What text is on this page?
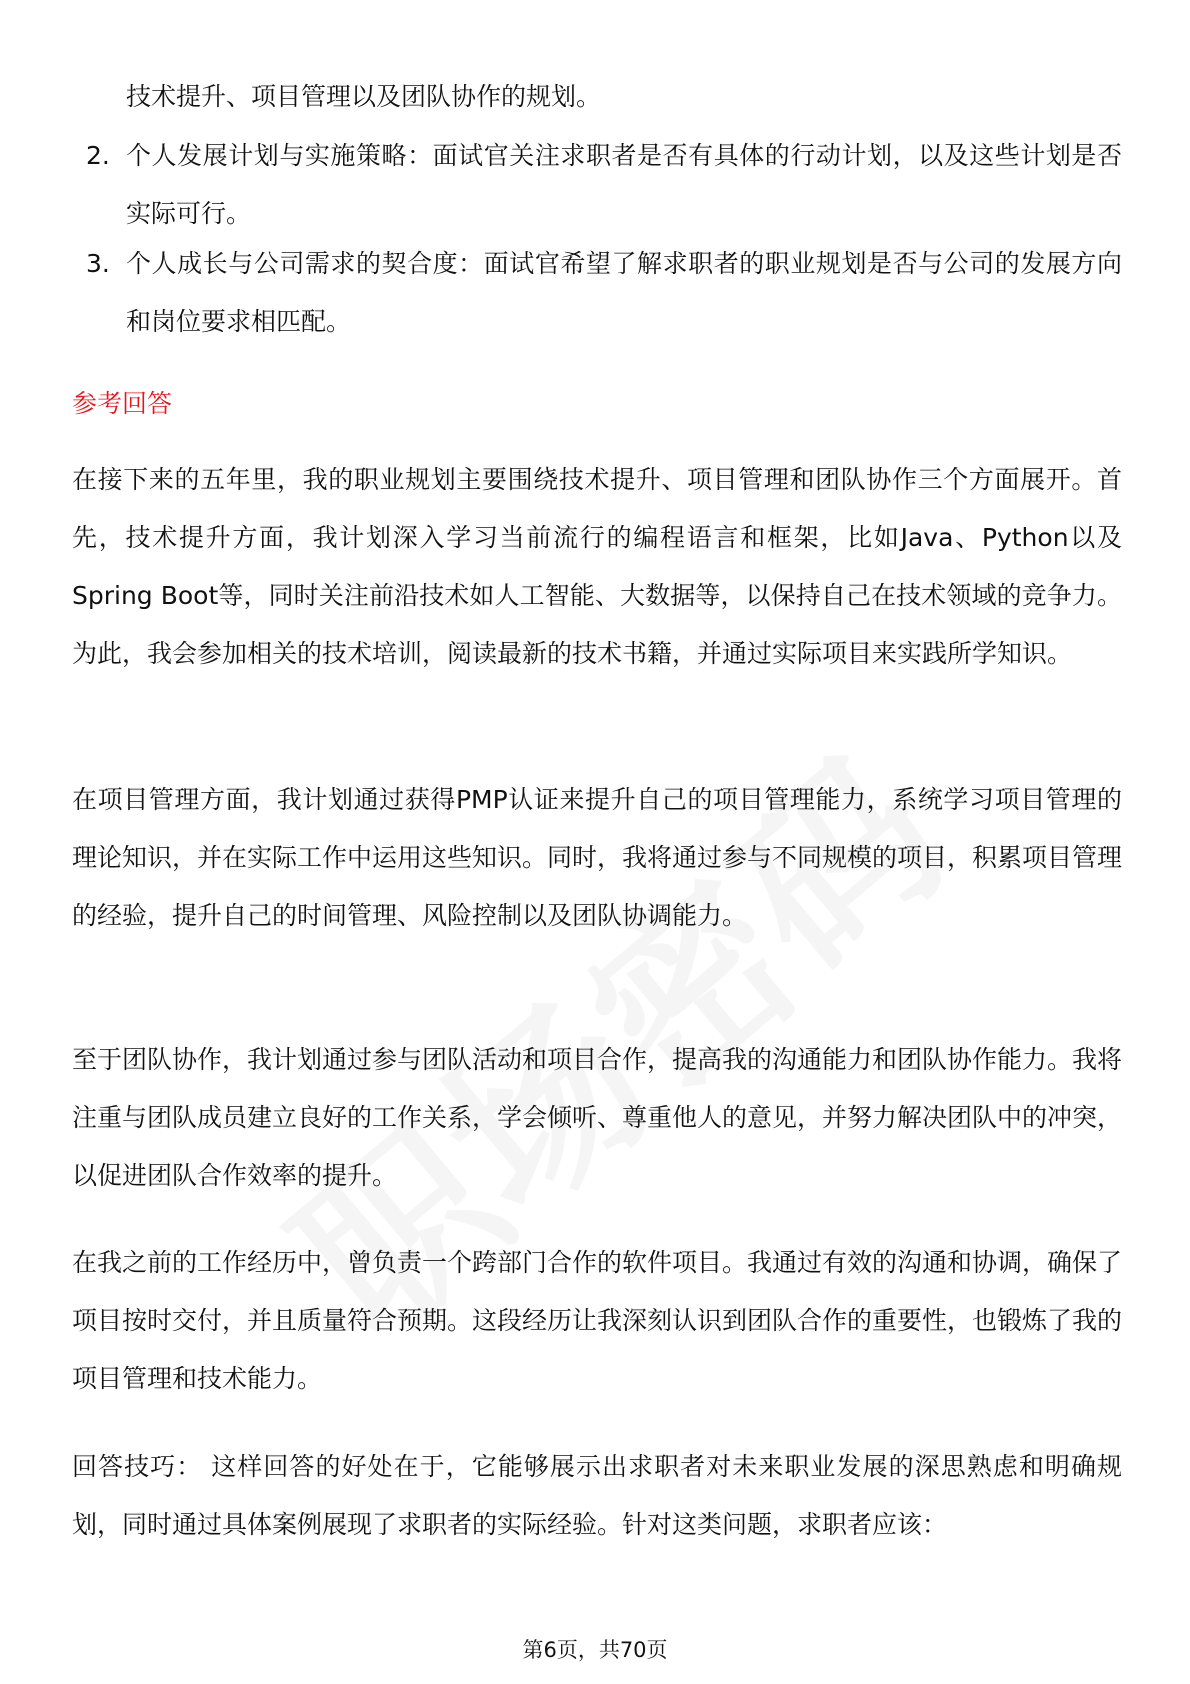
技术提升、项目管理以及团队协作的规划。
2. 个人发展计划与实施策略：面试官关注求职者是否有具体的行动计划，以及这些计划是否实际可行。
3. 个人成长与公司需求的契合度：面试官希望了解求职者的职业规划是否与公司的发展方向和岗位要求相匹配。
参考回答
在接下来的五年里，我的职业规划主要围绕技术提升、项目管理和团队协作三个方面展开。首先，技术提升方面，我计划深入学习当前流行的编程语言和框架，比如Java、Python以及Spring Boot等，同时关注前沿技术如人工智能、大数据等，以保持自己在技术领域的竞争力。为此，我会参加相关的技术培训，阅读最新的技术书籍，并通过实际项目来实践所学知识。
在项目管理方面，我计划通过获得PMP认证来提升自己的项目管理能力，系统学习项目管理的理论知识，并在实际工作中运用这些知识。同时，我将通过参与不同规模的项目，积累项目管理的经验，提升自己的时间管理、风险控制以及团队协调能力。
至于团队协作，我计划通过参与团队活动和项目合作，提高我的沟通能力和团队协作能力。我将注重与团队成员建立良好的工作关系，学会倾听、尊重他人的意见，并努力解决团队中的冲突，以促进团队合作效率的提升。
在我之前的工作经历中，曾负责一个跨部门合作的软件项目。我通过有效的沟通和协调，确保了项目按时交付，并且质量符合预期。这段经历让我深刻认识到团队合作的重要性，也锻炼了我的项目管理和技术能力。
回答技巧： 这样回答的好处在于，它能够展示出求职者对未来职业发展的深思熟虑和明确规划，同时通过具体案例展现了求职者的实际经验。针对这类问题，求职者应该：
第6页，共70页
